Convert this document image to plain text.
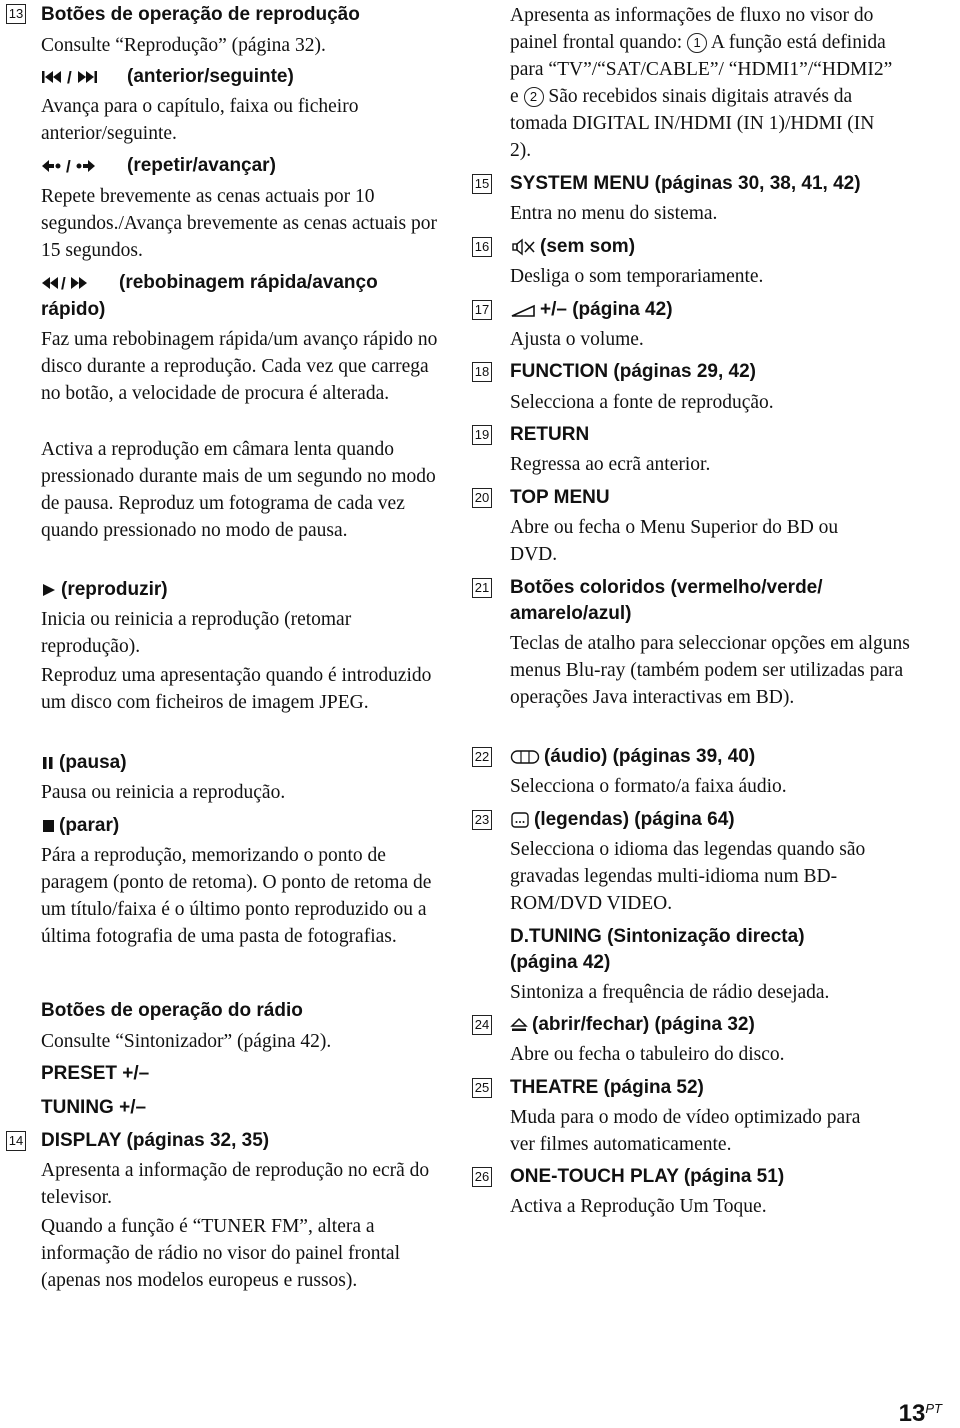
13 Botões de operação de reprodução
Consulte “Reprodução” (página 32).
/	(anterior/seguinte)
Avança para o capítulo, faixa ou ficheiro anterior/seguinte.
/	(repetir/avançar)
Repete brevemente as cenas actuais por 10 segundos./Avança brevemente as cenas actuais por 15 segundos.
/	(rebobinagem rápida/avanço
rápido)
Faz uma rebobinagem rápida/um avanço rápido no disco durante a reprodução. Cada vez que carrega no botão, a velocidade de procura é alterada.
Activa a reprodução em câmara lenta quando pressionado durante mais de um segundo no modo de pausa. Reproduz um fotograma de cada vez quando pressionado no modo de pausa.
(reproduzir)
Inicia ou reinicia a reprodução (retomar reprodução).
Reproduz uma apresentação quando é introduzido um disco com ficheiros de imagem JPEG.
(pausa)
Pausa ou reinicia a reprodução.
(parar)
Pára a reprodução, memorizando o ponto de paragem (ponto de retoma). O ponto de retoma de um título/faixa é o último ponto reproduzido ou a última fotografia de uma pasta de fotografias.
Botões de operação do rádio
Consulte “Sintonizador” (página 42).
PRESET +/–
TUNING +/–
14 DISPLAY (páginas 32, 35)
Apresenta a informação de reprodução no ecrã do televisor.
Quando a função é “TUNER FM”, altera a informação de rádio no visor do painel frontal (apenas nos modelos europeus e russos).
Apresenta as informações de fluxo no visor do painel frontal quando: 1 A função está definida para “TV”/“SAT/CABLE”/ “HDMI1”/“HDMI2” e 2 São recebidos sinais digitais através da tomada DIGITAL IN/HDMI (IN 1)/HDMI (IN 2).
15 SYSTEM MENU (páginas 30, 38, 41, 42)
Entra no menu do sistema.
16	(sem som)
Desliga o som temporariamente.
17	+/– (página 42)
Ajusta o volume.
18 FUNCTION (páginas 29, 42)
Selecciona a fonte de reprodução.
19 RETURN
Regressa ao ecrã anterior.
20 TOP MENU
Abre ou fecha o Menu Superior do BD ou DVD.
21 Botões coloridos (vermelho/verde/
amarelo/azul)
Teclas de atalho para seleccionar opções em alguns menus Blu-ray (também podem ser utilizadas para operações Java interactivas em BD).
22	(áudio) (páginas 39, 40)
Selecciona o formato/a faixa áudio.
23	(legendas) (página 64)
Selecciona o idioma das legendas quando são gravadas legendas multi-idioma num BD-ROM/DVD VIDEO.
D.TUNING (Sintonização directa)
(página 42)
Sintoniza a frequência de rádio desejada.
24	(abrir/fechar) (página 32)
Abre ou fecha o tabuleiro do disco.
25 THEATRE (página 52)
Muda para o modo de vídeo optimizado para ver filmes automaticamente.
26 ONE-TOUCH PLAY (página 51)
Activa a Reprodução Um Toque.
$13^{PT}$
